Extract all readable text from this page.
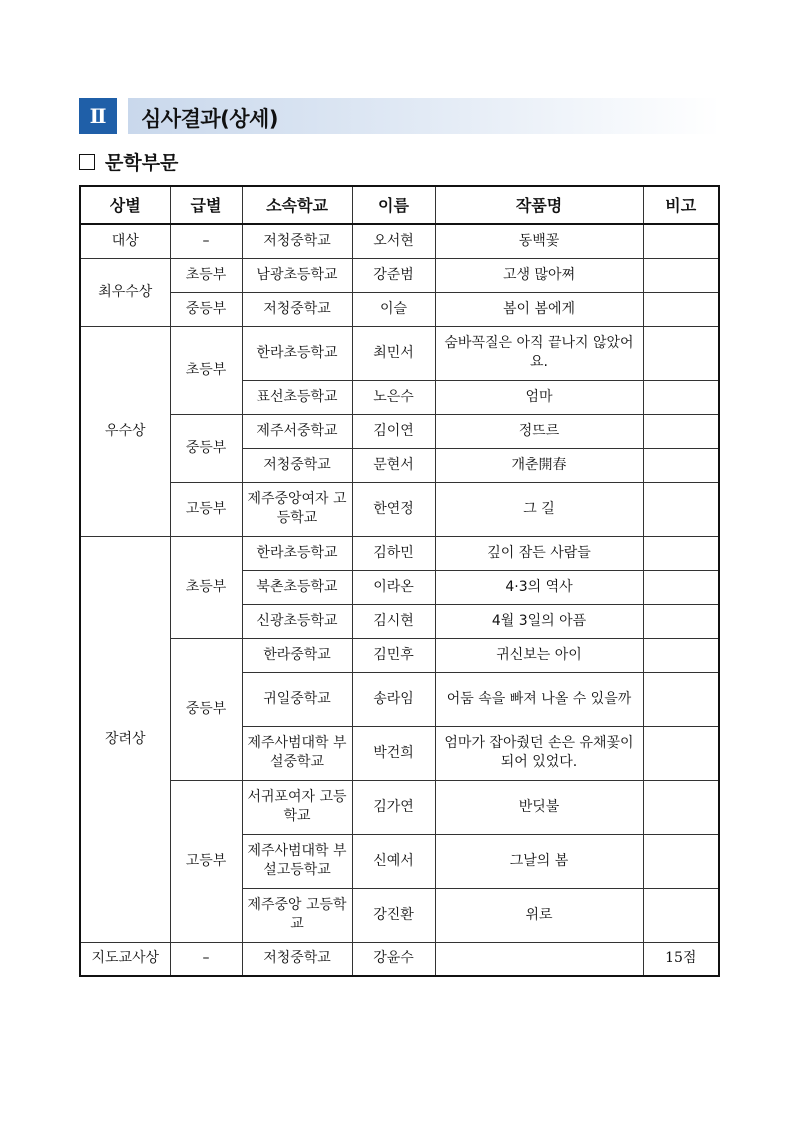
Ⅱ	심사결과(상세)
문학부문
상별	급별	소속학교	이름	작품명	비고
대상	–	저청중학교	오서현	동백꽃	
최우수상	초등부	남광초등학교	강준범	고생 많아쪄	
	중등부	저청중학교	이슬	봄이 봄에게	
우수상	초등부	한라초등학교	최민서	숨바꼭질은 아직 끝나지 않았어요.	
		표선초등학교	노은수	엄마	
	중등부	제주서중학교	김이연	정뜨르	
		저청중학교	문현서	개춘開春	
	고등부	제주중앙여자 고등학교	한연정	그 길	
장려상	초등부	한라초등학교	김하민	깊이 잠든 사람들	
		북촌초등학교	이라온	4·3의 역사	
		신광초등학교	김시현	4월 3일의 아픔	
	중등부	한라중학교	김민후	귀신보는 아이	
		귀일중학교	송라임	어둠 속을 빠져 나올 수 있을까	
		제주사범대학 부설중학교	박건희	엄마가 잡아줬던 손은 유채꽃이 되어 있었다.	
	고등부	서귀포여자 고등학교	김가연	반딧불	
		제주사범대학 부설고등학교	신예서	그날의 봄	
		제주중앙 고등학교	강진환	위로	
지도교사상	–	저청중학교	강윤수		15점
